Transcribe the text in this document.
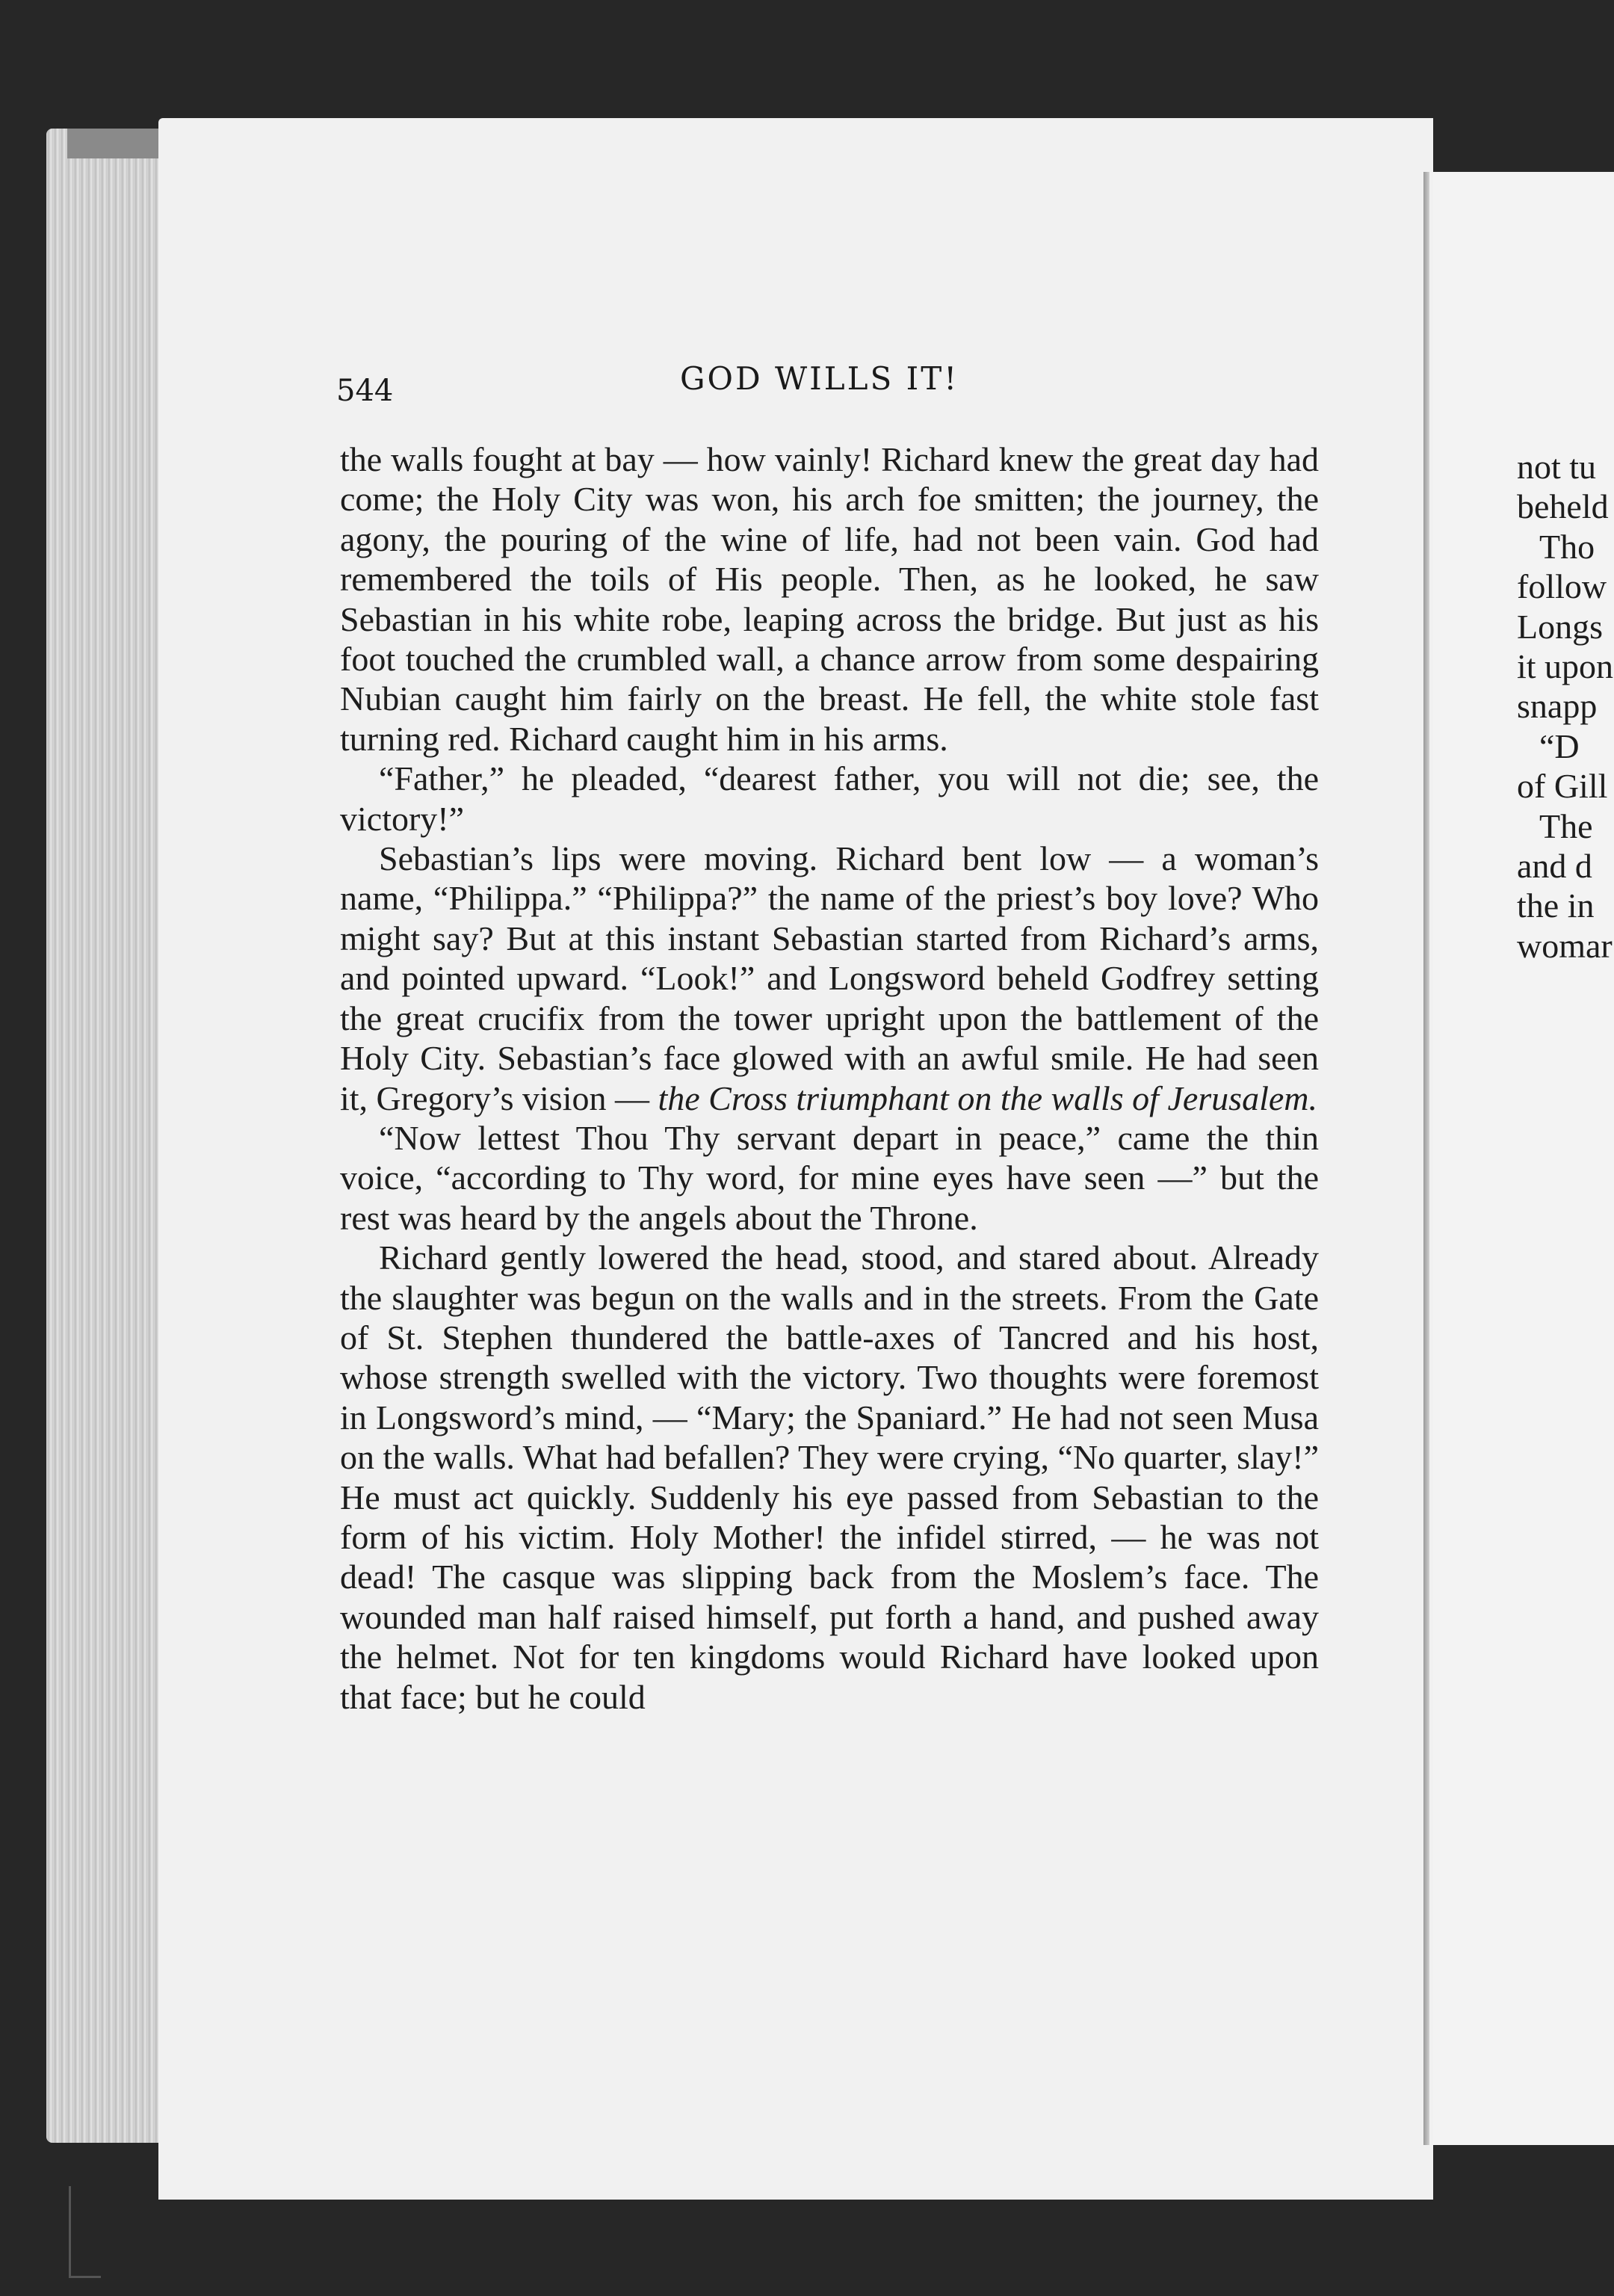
544	GOD WILLS IT!

the walls fought at bay — how vainly! Richard knew the great day had come; the Holy City was won, his arch foe smitten; the journey, the agony, the pouring of the wine of life, had not been vain. God had remembered the toils of His people. Then, as he looked, he saw Sebastian in his white robe, leaping across the bridge. But just as his foot touched the crumbled wall, a chance arrow from some despairing Nubian caught him fairly on the breast. He fell, the white stole fast turning red. Richard caught him in his arms.

“Father,” he pleaded, “dearest father, you will not die; see, the victory!”

Sebastian’s lips were moving. Richard bent low — a woman’s name, “Philippa.” “Philippa?” the name of the priest’s boy love? Who might say? But at this instant Sebastian started from Richard’s arms, and pointed upward. “Look!” and Longsword beheld Godfrey setting the great crucifix from the tower upright upon the battlement of the Holy City. Sebastian’s face glowed with an awful smile. He had seen it, Gregory’s vision — the Cross triumphant on the walls of Jerusalem.

“Now lettest Thou Thy servant depart in peace,” came the thin voice, “according to Thy word, for mine eyes have seen —” but the rest was heard by the angels about the Throne.

Richard gently lowered the head, stood, and stared about. Already the slaughter was begun on the walls and in the streets. From the Gate of St. Stephen thundered the battle-axes of Tancred and his host, whose strength swelled with the victory. Two thoughts were foremost in Longsword’s mind, — “Mary; the Spaniard.” He had not seen Musa on the walls. What had befallen? They were crying, “No quarter, slay!” He must act quickly. Suddenly his eye passed from Sebastian to the form of his victim. Holy Mother! the infidel stirred, — he was not dead! The casque was slipping back from the Moslem’s face. The wounded man half raised himself, put forth a hand, and pushed away the helmet. Not for ten kingdoms would Richard have looked upon that face; but he could

not tu
beheld
Tho
follow
Longs
it upon
snapp
“D
of Gill
The
and d
the in
womar
